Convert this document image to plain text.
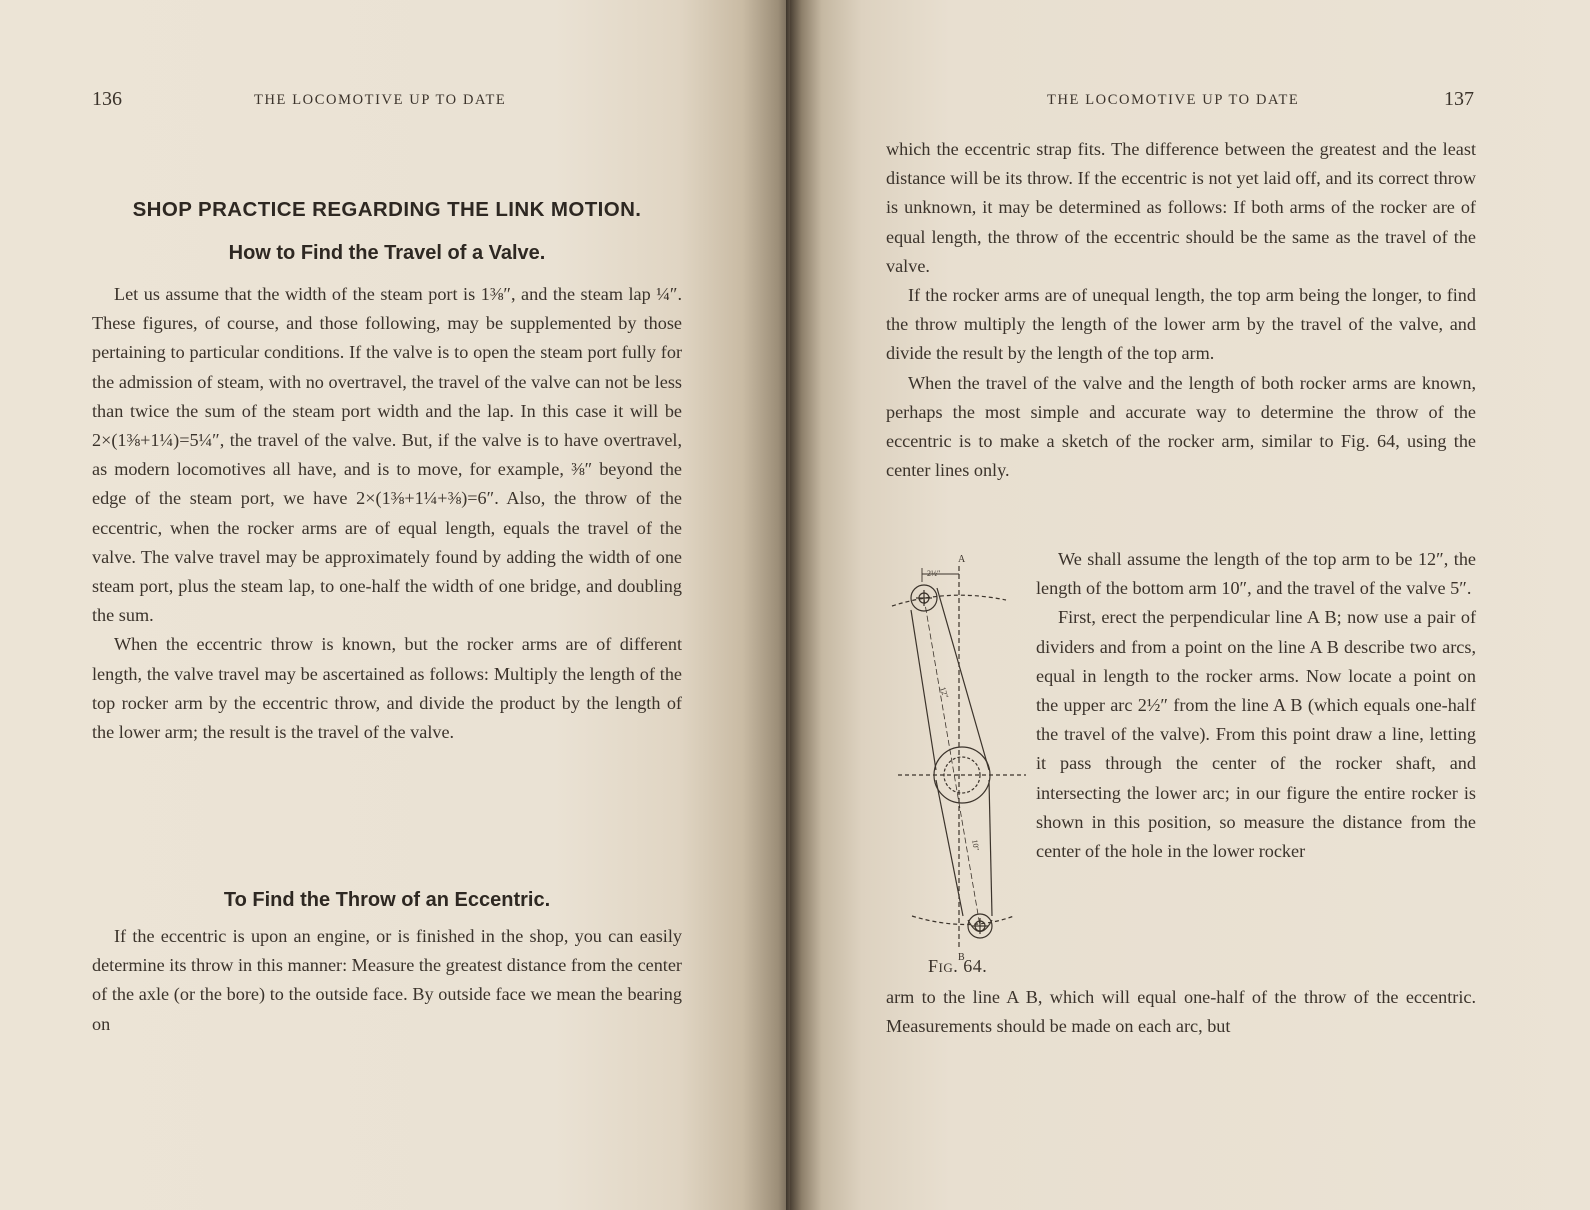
136	THE LOCOMOTIVE UP TO DATE
SHOP PRACTICE REGARDING THE LINK MOTION.
How to Find the Travel of a Valve.

Let us assume that the width of the steam port is 1⅜″, and the steam lap ¼″. These figures, of course, and those following, may be supplemented by those pertaining to particular conditions. If the valve is to open the steam port fully for the admission of steam, with no overtravel, the travel of the valve can not be less than twice the sum of the steam port width and the lap. In this case it will be 2×(1⅜+1¼)=5¼″, the travel of the valve. But, if the valve is to have overtravel, as modern locomotives all have, and is to move, for example, ⅜″ beyond the edge of the steam port, we have 2×(1⅜+1¼+⅜)=6″. Also, the throw of the eccentric, when the rocker arms are of equal length, equals the travel of the valve. The valve travel may be approximately found by adding the width of one steam port, plus the steam lap, to one-half the width of one bridge, and doubling the sum.

When the eccentric throw is known, but the rocker arms are of different length, the valve travel may be ascertained as follows: Multiply the length of the top rocker arm by the eccentric throw, and divide the product by the length of the lower arm; the result is the travel of the valve.

To Find the Throw of an Eccentric.

If the eccentric is upon an engine, or is finished in the shop, you can easily determine its throw in this manner: Measure the greatest distance from the center of the axle (or the bore) to the outside face. By outside face we mean the bearing on

THE LOCOMOTIVE UP TO DATE	137

which the eccentric strap fits. The difference between the greatest and the least distance will be its throw. If the eccentric is not yet laid off, and its correct throw is unknown, it may be determined as follows: If both arms of the rocker are of equal length, the throw of the eccentric should be the same as the travel of the valve.

If the rocker arms are of unequal length, the top arm being the longer, to find the throw multiply the length of the lower arm by the travel of the valve, and divide the result by the length of the top arm.

When the travel of the valve and the length of both rocker arms are known, perhaps the most simple and accurate way to determine the throw of the eccentric is to make a sketch of the rocker arm, similar to Fig. 64, using the center lines only.

A
B
2½″
12″
10″
Fig. 64.

We shall assume the length of the top arm to be 12″, the length of the bottom arm 10″, and the travel of the valve 5″.

First, erect the perpendicular line A B; now use a pair of dividers and from a point on the line A B describe two arcs, equal in length to the rocker arms. Now locate a point on the upper arc 2½″ from the line A B (which equals one-half the travel of the valve). From this point draw a line, letting it pass through the center of the rocker shaft, and intersecting the lower arc; in our figure the entire rocker is shown in this position, so measure the distance from the center of the hole in the lower rocker

arm to the line A B, which will equal one-half of the throw of the eccentric. Measurements should be made on each arc, but
